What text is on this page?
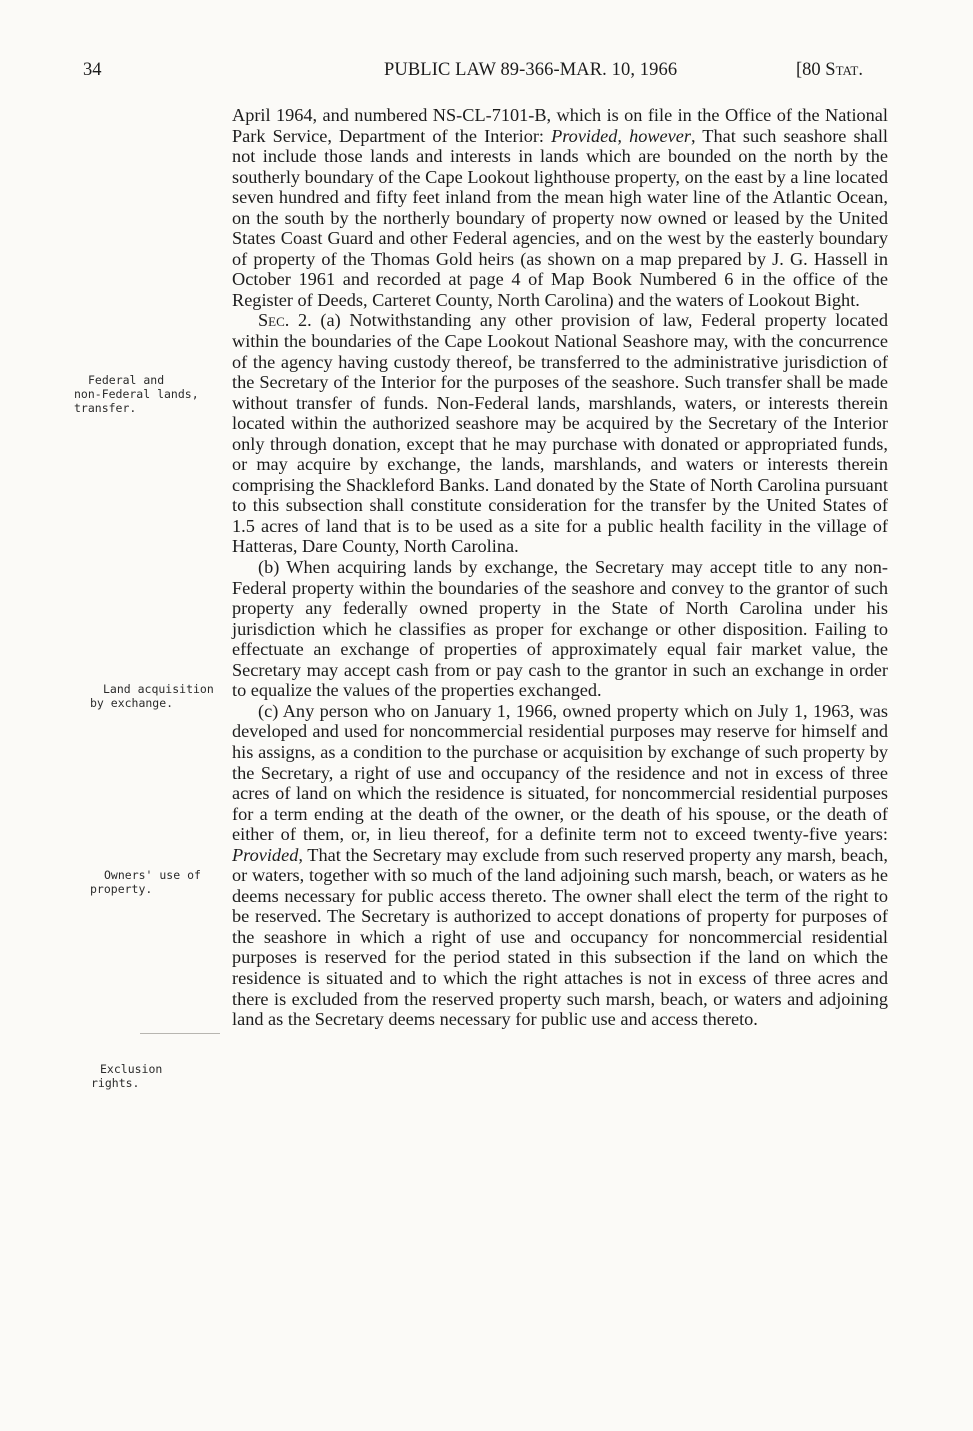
34	PUBLIC LAW 89-366-MAR. 10, 1966	[80 Stat.
Federal and
non-Federal lands,
transfer.
Land acquisition
by exchange.
Owners' use of
property.
Exclusion
rights.

April 1964, and numbered NS-CL-7101-B, which is on file in the Office of the National Park Service, Department of the Interior: Provided, however, That such seashore shall not include those lands and interests in lands which are bounded on the north by the southerly boundary of the Cape Lookout lighthouse property, on the east by a line located seven hundred and fifty feet inland from the mean high water line of the Atlantic Ocean, on the south by the northerly boundary of property now owned or leased by the United States Coast Guard and other Federal agencies, and on the west by the easterly boundary of property of the Thomas Gold heirs (as shown on a map prepared by J. G. Hassell in October 1961 and recorded at page 4 of Map Book Numbered 6 in the office of the Register of Deeds, Carteret County, North Carolina) and the waters of Lookout Bight.

Sec. 2. (a) Notwithstanding any other provision of law, Federal property located within the boundaries of the Cape Lookout National Seashore may, with the concurrence of the agency having custody thereof, be transferred to the administrative jurisdiction of the Secretary of the Interior for the purposes of the seashore. Such transfer shall be made without transfer of funds. Non-Federal lands, marshlands, waters, or interests therein located within the authorized seashore may be acquired by the Secretary of the Interior only through donation, except that he may purchase with donated or appropriated funds, or may acquire by exchange, the lands, marshlands, and waters or interests therein comprising the Shackleford Banks. Land donated by the State of North Carolina pursuant to this subsection shall constitute consideration for the transfer by the United States of 1.5 acres of land that is to be used as a site for a public health facility in the village of Hatteras, Dare County, North Carolina.

(b) When acquiring lands by exchange, the Secretary may accept title to any non-Federal property within the boundaries of the seashore and convey to the grantor of such property any federally owned property in the State of North Carolina under his jurisdiction which he classifies as proper for exchange or other disposition. Failing to effectuate an exchange of properties of approximately equal fair market value, the Secretary may accept cash from or pay cash to the grantor in such an exchange in order to equalize the values of the properties exchanged.

(c) Any person who on January 1, 1966, owned property which on July 1, 1963, was developed and used for noncommercial residential purposes may reserve for himself and his assigns, as a condition to the purchase or acquisition by exchange of such property by the Secretary, a right of use and occupancy of the residence and not in excess of three acres of land on which the residence is situated, for noncommercial residential purposes for a term ending at the death of the owner, or the death of his spouse, or the death of either of them, or, in lieu thereof, for a definite term not to exceed twenty-five years: Provided, That the Secretary may exclude from such reserved property any marsh, beach, or waters, together with so much of the land adjoining such marsh, beach, or waters as he deems necessary for public access thereto. The owner shall elect the term of the right to be reserved. The Secretary is authorized to accept donations of property for purposes of the seashore in which a right of use and occupancy for noncommercial residential purposes is reserved for the period stated in this subsection if the land on which the residence is situated and to which the right attaches is not in excess of three acres and there is excluded from the reserved property such marsh, beach, or waters and adjoining land as the Secretary deems necessary for public use and access thereto.
